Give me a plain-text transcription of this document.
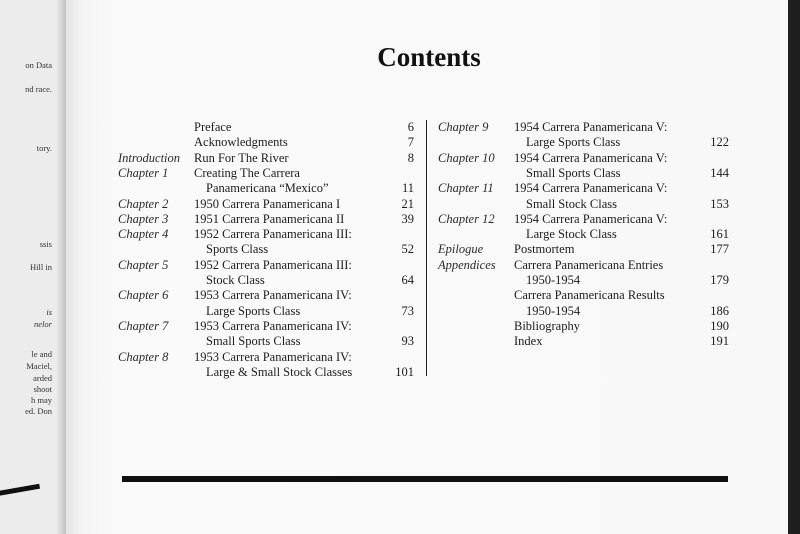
on Data
nd race.
tory.
ssis
Hill in
is
nelor
le and
Maciel,
arded
shoot
h may
ed. Don
Contents
Preface	6
Acknowledgments	7
Introduction Run For The River	8
Chapter 1 Creating The Carrera
Panamericana “Mexico”	11
Chapter 2 1950 Carrera Panamericana I	21
Chapter 3 1951 Carrera Panamericana II	39
Chapter 4 1952 Carrera Panamericana III:
Sports Class	52
Chapter 5 1952 Carrera Panamericana III:
Stock Class	64
Chapter 6 1953 Carrera Panamericana IV:
Large Sports Class	73
Chapter 7 1953 Carrera Panamericana IV:
Small Sports Class	93
Chapter 8 1953 Carrera Panamericana IV:
Large & Small Stock Classes	101
Chapter 9 1954 Carrera Panamericana V:
Large Sports Class	122
Chapter 10 1954 Carrera Panamericana V:
Small Sports Class	144
Chapter 11 1954 Carrera Panamericana V:
Small Stock Class	153
Chapter 12 1954 Carrera Panamericana V:
Large Stock Class	161
Epilogue Postmortem	177
Appendices Carrera Panamericana Entries
1950-1954	179
Carrera Panamericana Results
1950-1954	186
Bibliography	190
Index	191
